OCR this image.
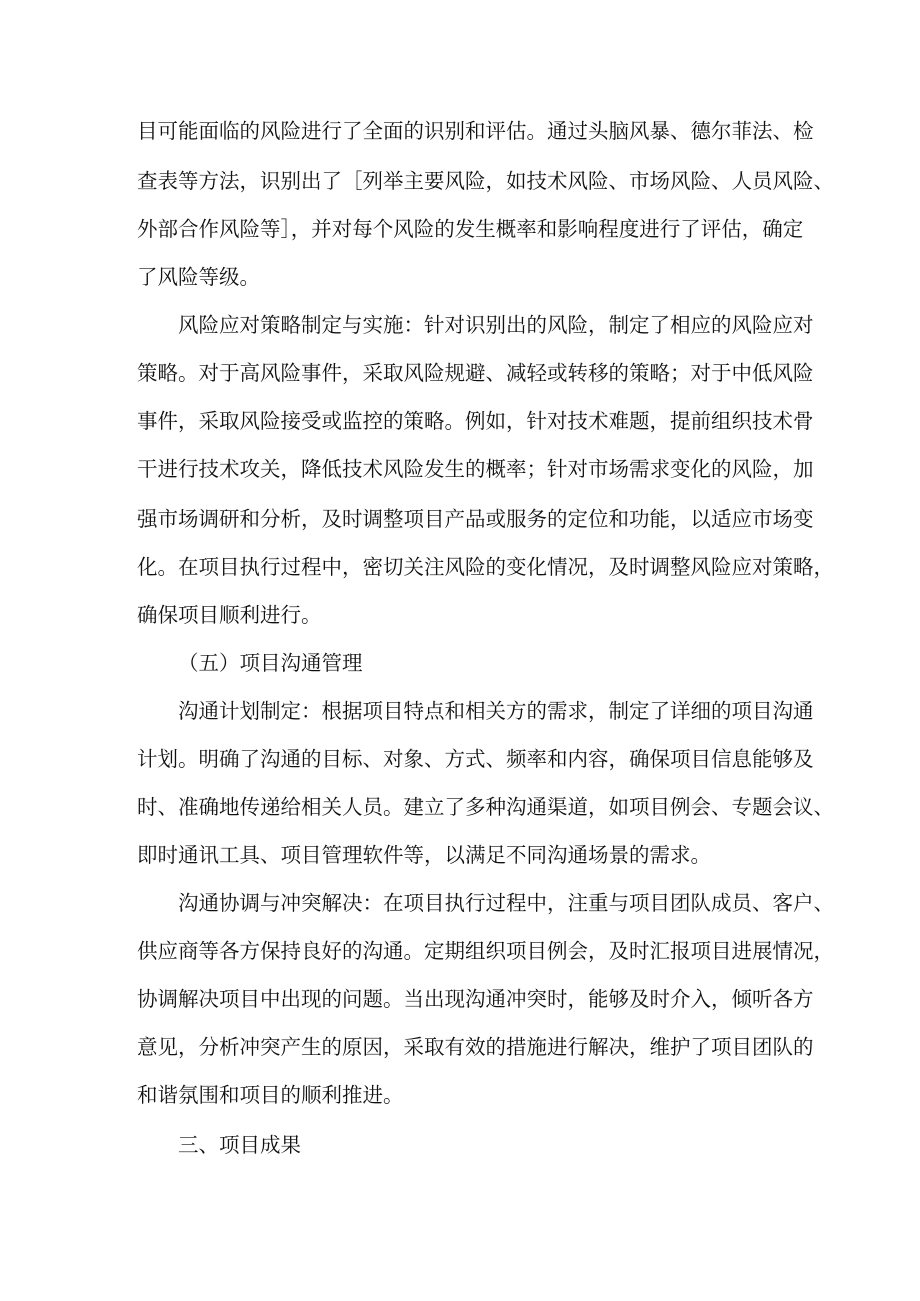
目可能面临的风险进行了全面的识别和评估。通过头脑风暴、德尔菲法、检
查表等方法，识别出了［列举主要风险，如技术风险、市场风险、人员风险、
外部合作风险等］，并对每个风险的发生概率和影响程度进行了评估，确定
了风险等级。
风险应对策略制定与实施：针对识别出的风险，制定了相应的风险应对
策略。对于高风险事件，采取风险规避、减轻或转移的策略；对于中低风险
事件，采取风险接受或监控的策略。例如，针对技术难题，提前组织技术骨
干进行技术攻关，降低技术风险发生的概率；针对市场需求变化的风险，加
强市场调研和分析，及时调整项目产品或服务的定位和功能，以适应市场变
化。在项目执行过程中，密切关注风险的变化情况，及时调整风险应对策略，
确保项目顺利进行。
（五）项目沟通管理
沟通计划制定：根据项目特点和相关方的需求，制定了详细的项目沟通
计划。明确了沟通的目标、对象、方式、频率和内容，确保项目信息能够及
时、准确地传递给相关人员。建立了多种沟通渠道，如项目例会、专题会议、
即时通讯工具、项目管理软件等，以满足不同沟通场景的需求。
沟通协调与冲突解决：在项目执行过程中，注重与项目团队成员、客户、
供应商等各方保持良好的沟通。定期组织项目例会，及时汇报项目进展情况，
协调解决项目中出现的问题。当出现沟通冲突时，能够及时介入，倾听各方
意见，分析冲突产生的原因，采取有效的措施进行解决，维护了项目团队的
和谐氛围和项目的顺利推进。
三、项目成果
